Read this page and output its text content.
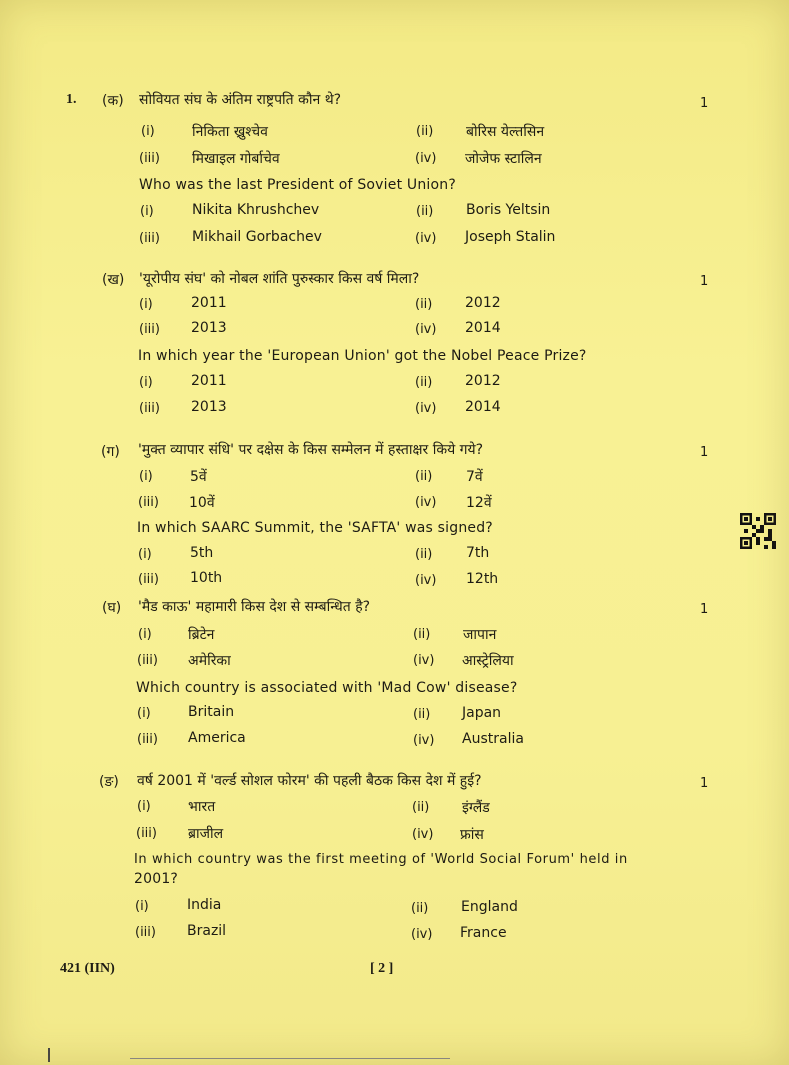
1. (क) सोवियत संघ के अंतिम राष्ट्रपति कौन थे?	1
(i)	निकिता ख्रुश्चेव	(ii) बोरिस येल्तसिन
(iii) मिखाइल गोर्बाचेव	(iv) जोजेफ स्टालिन
Who was the last President of Soviet Union?
(i)	Nikita Khrushchev	(ii) Boris Yeltsin
(iii) Mikhail Gorbachev	(iv) Joseph Stalin
(ख) 'यूरोपीय संघ' को नोबल शांति पुरुस्कार किस वर्ष मिला?	1
(i)	2011	(ii) 2012
(iii) 2013	(iv) 2014
In which year the 'European Union' got the Nobel Peace Prize?
(i)	2011	(ii) 2012
(iii) 2013	(iv) 2014
(ग) 'मुक्त व्यापार संधि' पर दक्षेस के किस सम्मेलन में हस्ताक्षर किये गये?	1
(i)	5वें	(ii) 7वें
(iii) 10वें	(iv) 12वें
In which SAARC Summit, the 'SAFTA' was signed?
(i)	5th	(ii) 7th
(iii) 10th	(iv) 12th
(घ) 'मैड काऊ' महामारी किस देश से सम्बन्धित है?	1
(i)	ब्रिटेन	(ii) जापान
(iii) अमेरिका	(iv) आस्ट्रेलिया
Which country is associated with 'Mad Cow' disease?
(i)	Britain	(ii) Japan
(iii) America	(iv) Australia
(ङ) वर्ष 2001 में 'वर्ल्ड सोशल फोरम' की पहली बैठक किस देश में हुई?	1
(i)	भारत	(ii) इंग्लैंड
(iii) ब्राजील	(iv) फ्रांस
In which country was the first meeting of 'World Social Forum' held in
2001?
(i)	India	(ii) England
(iii) Brazil	(iv) France
421 (IIN)	[ 2 ]
